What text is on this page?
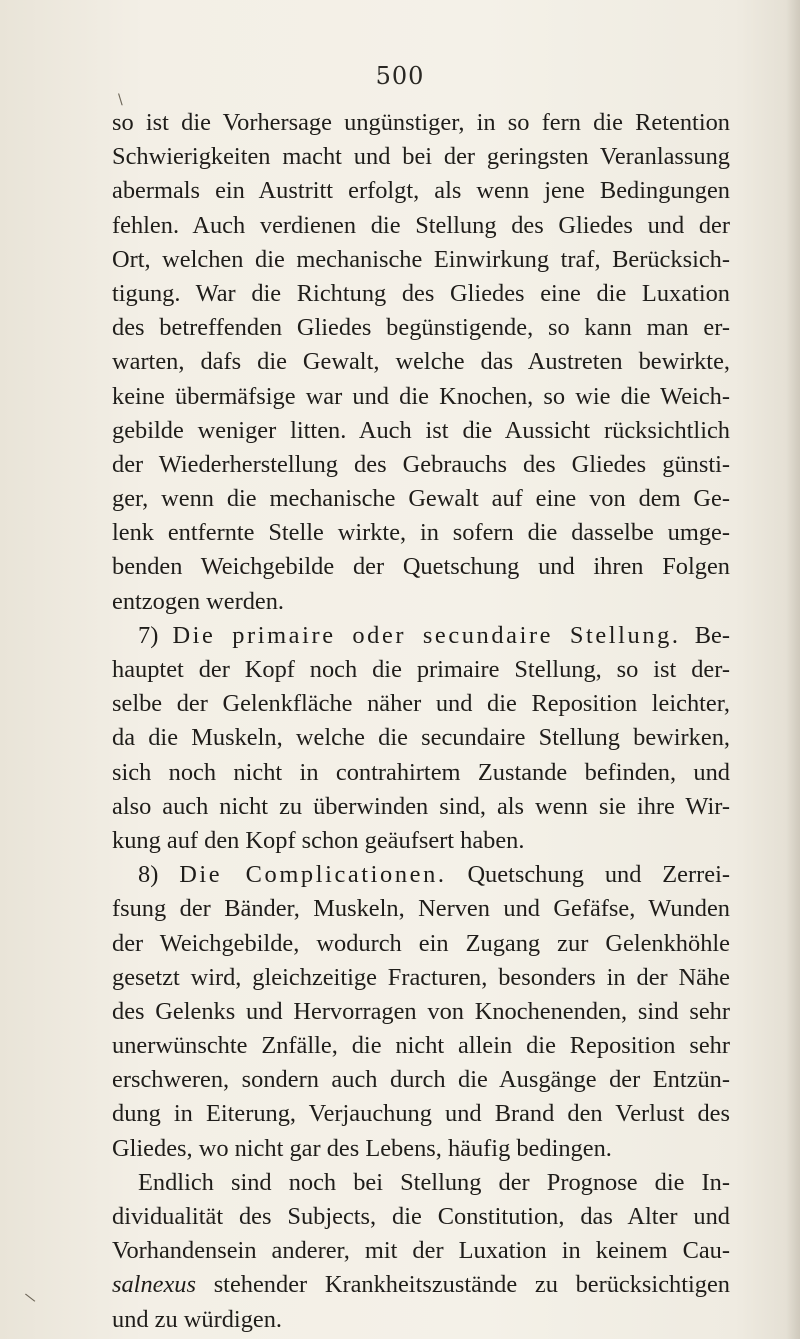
500
so ist die Vorhersage ungünstiger, in so fern die Retention
Schwierigkeiten macht und bei der geringsten Veranlassung
abermals ein Austritt erfolgt, als wenn jene Bedingungen
fehlen. Auch verdienen die Stellung des Gliedes und der
Ort, welchen die mechanische Einwirkung traf, Berücksich-
tigung. War die Richtung des Gliedes eine die Luxation
des betreffenden Gliedes begünstigende, so kann man er-
warten, dafs die Gewalt, welche das Austreten bewirkte,
keine übermäfsige war und die Knochen, so wie die Weich-
gebilde weniger litten. Auch ist die Aussicht rücksichtlich
der Wiederherstellung des Gebrauchs des Gliedes günsti-
ger, wenn die mechanische Gewalt auf eine von dem Ge-
lenk entfernte Stelle wirkte, in sofern die dasselbe umge-
benden Weichgebilde der Quetschung und ihren Folgen
entzogen werden.
7) Die primaire oder secundaire Stellung. Be-
hauptet der Kopf noch die primaire Stellung, so ist der-
selbe der Gelenkfläche näher und die Reposition leichter,
da die Muskeln, welche die secundaire Stellung bewirken,
sich noch nicht in contrahirtem Zustande befinden, und
also auch nicht zu überwinden sind, als wenn sie ihre Wir-
kung auf den Kopf schon geäufsert haben.
8) Die Complicationen. Quetschung und Zerrei-
fsung der Bänder, Muskeln, Nerven und Gefäfse, Wunden
der Weichgebilde, wodurch ein Zugang zur Gelenkhöhle
gesetzt wird, gleichzeitige Fracturen, besonders in der Nähe
des Gelenks und Hervorragen von Knochenenden, sind sehr
unerwünschte Znfälle, die nicht allein die Reposition sehr
erschweren, sondern auch durch die Ausgänge der Entzün-
dung in Eiterung, Verjauchung und Brand den Verlust des
Gliedes, wo nicht gar des Lebens, häufig bedingen.
Endlich sind noch bei Stellung der Prognose die In-
dividualität des Subjects, die Constitution, das Alter und
Vorhandensein anderer, mit der Luxation in keinem Cau-
salnexus stehender Krankheitszustände zu berücksichtigen
und zu würdigen.
\
\
